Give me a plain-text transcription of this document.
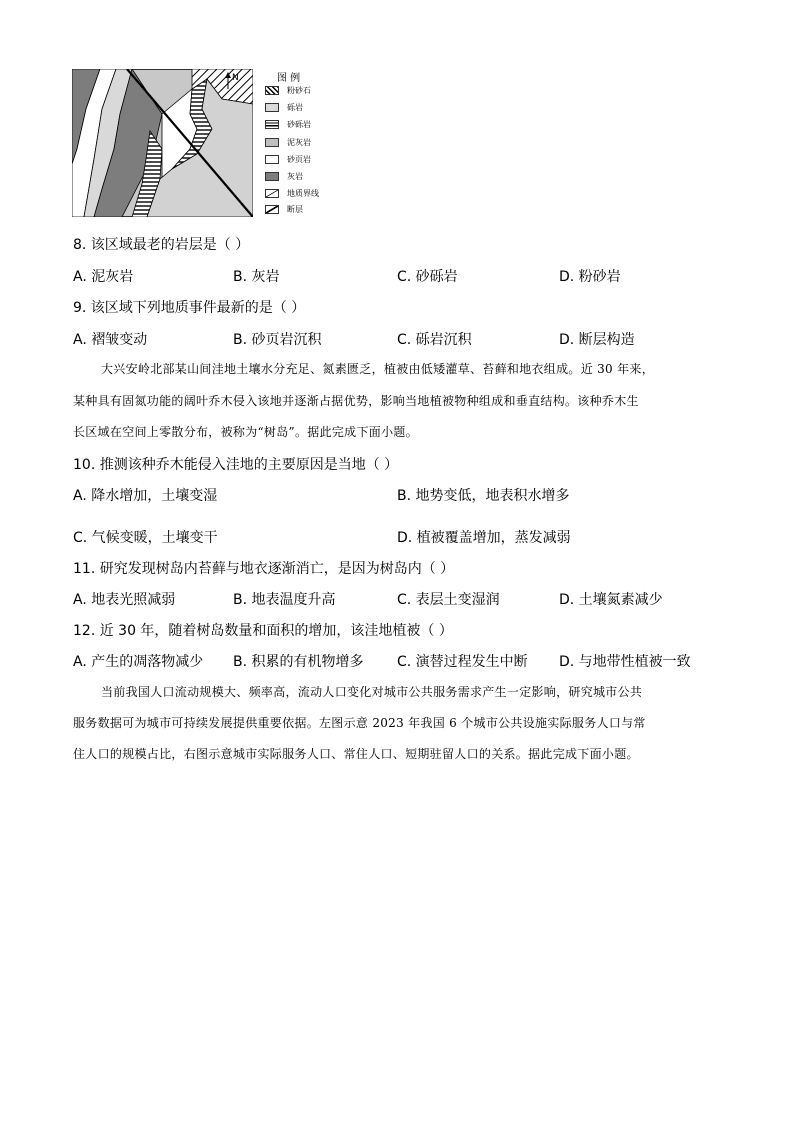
N	图 例
粉砂石
砾岩
砂砾岩
泥灰岩
砂页岩
灰岩
地质界线
断层
8. 该区域最老的岩层是（ ）
A. 泥灰岩	B. 灰岩	C. 砂砾岩	D. 粉砂岩
9. 该区域下列地质事件最新的是（ ）
A. 褶皱变动	B. 砂页岩沉积	C. 砾岩沉积	D. 断层构造
大兴安岭北部某山间洼地土壤水分充足、氮素匮乏，植被由低矮灌草、苔藓和地衣组成。近 30 年来，
某种具有固氮功能的阔叶乔木侵入该地并逐渐占据优势，影响当地植被物种组成和垂直结构。该种乔木生
长区域在空间上零散分布，被称为“树岛”。据此完成下面小题。
10. 推测该种乔木能侵入洼地的主要原因是当地（ ）
A. 降水增加，土壤变湿	B. 地势变低，地表积水增多
C. 气候变暖，土壤变干	D. 植被覆盖增加，蒸发减弱
11. 研究发现树岛内苔藓与地衣逐渐消亡，是因为树岛内（ ）
A. 地表光照减弱	B. 地表温度升高	C. 表层土变湿润	D. 土壤氮素减少
12. 近 30 年，随着树岛数量和面积的增加，该洼地植被（ ）
A. 产生的凋落物减少 B. 积累的有机物增多 C. 演替过程发生中断 D. 与地带性植被一致
当前我国人口流动规模大、频率高，流动人口变化对城市公共服务需求产生一定影响，研究城市公共
服务数据可为城市可持续发展提供重要依据。左图示意 2023 年我国 6 个城市公共设施实际服务人口与常
住人口的规模占比，右图示意城市实际服务人口、常住人口、短期驻留人口的关系。据此完成下面小题。
